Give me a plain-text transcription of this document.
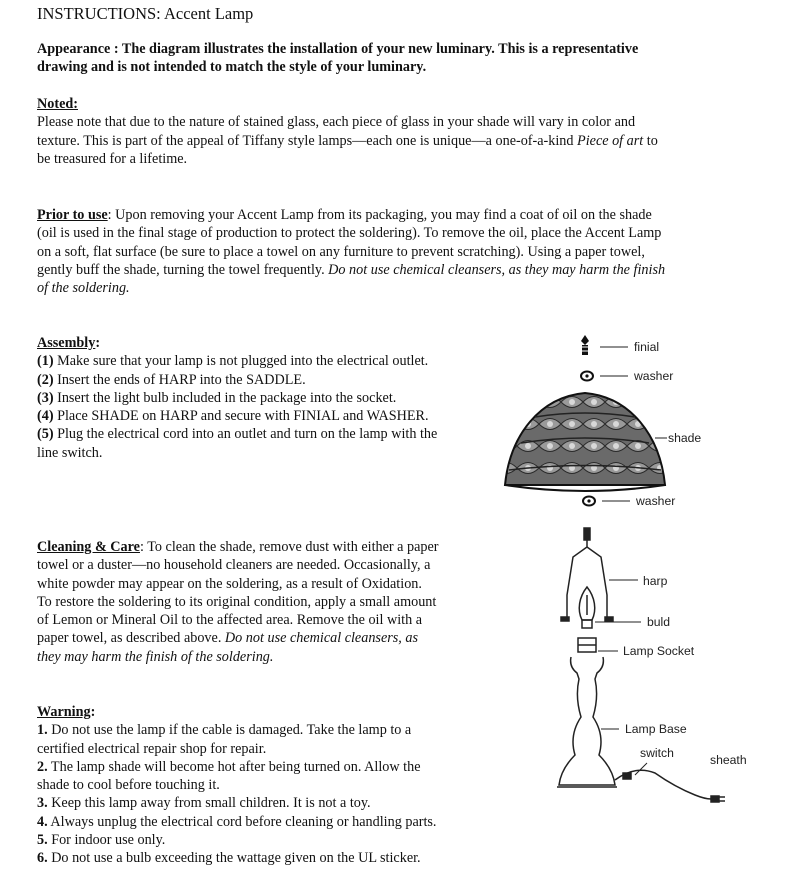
INSTRUCTIONS: Accent Lamp
Appearance : The diagram illustrates the installation of your new luminary. This is a representative
drawing and is not intended to match the style of your luminary.
Noted:
Please note that due to the nature of stained glass, each piece of glass in your shade will vary in color and
texture. This is part of the appeal of Tiffany style lamps—each one is unique—a one-of-a-kind Piece of art to
be treasured for a lifetime.
Prior to use: Upon removing your Accent Lamp from its packaging, you may find a coat of oil on the shade
(oil is used in the final stage of production to protect the soldering). To remove the oil, place the Accent Lamp
on a soft, flat surface (be sure to place a towel on any furniture to prevent scratching). Using a paper towel,
gently buff the shade, turning the towel frequently. Do not use chemical cleansers, as they may harm the finish
of the soldering.
Assembly:
(1) Make sure that your lamp is not plugged into the electrical outlet.
(2) Insert the ends of HARP into the SADDLE.
(3) Insert the light bulb included in the package into the socket.
(4) Place SHADE on HARP and secure with FINIAL and WASHER.
(5) Plug the electrical cord into an outlet and turn on the lamp with the
line switch.
Cleaning & Care: To clean the shade, remove dust with either a paper
towel or a duster—no household cleaners are needed. Occasionally, a
white powder may appear on the soldering, as a result of Oxidation.
To restore the soldering to its original condition, apply a small amount
of Lemon or Mineral Oil to the affected area. Remove the oil with a
paper towel, as described above. Do not use chemical cleansers, as
they may harm the finish of the soldering.
Warning:
1. Do not use the lamp if the cable is damaged. Take the lamp to a
certified electrical repair shop for repair.
2. The lamp shade will become hot after being turned on. Allow the
shade to cool before touching it.
3. Keep this lamp away from small children. It is not a toy.
4. Always unplug the electrical cord before cleaning or handling parts.
5. For indoor use only.
6. Do not use a bulb exceeding the wattage given on the UL sticker.
finial
washer
shade
washer
harp
buld
Lamp Socket
Lamp Base
switch	sheath
